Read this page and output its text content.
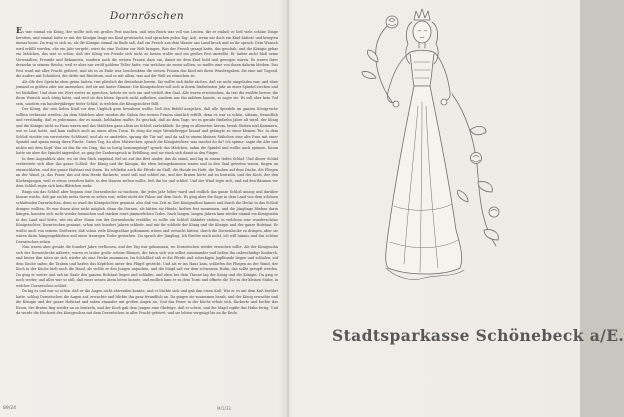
Dornröschen

Es war einmal ein König, der wollte sich ein großes Fest machen, und sein Reich war voll von Leuten, die er einlud; er ließ viele schöne Dinge bereiten, und einmal hatte er mit der Königin lange ein Kind gewünscht, und sprachen jeden Tag: Ach, wenn wir doch ein Kind hätten! und kriegten immer keins. Da trug es sich zu, als die Königin einmal im Bade saß, daß ein Frosch aus dem Wasser ans Land kroch und zu ihr sprach: Dein Wunsch wird erfüllt werden, ehe ein Jahr vergeht, wirst du eine Tochter zur Welt bringen. Was der Frosch gesagt hatte, das geschah, und die Königin gebar ein Mädchen, das war so schön, daß der König vor Freude sich nicht zu lassen wußte und ein großes Fest anstellte. Er ladete nicht bloß seine Verwandten, Freunde und Bekannten, sondern auch die weisen Frauen dazu ein, damit sie dem Kind hold und gewogen wären. Es waren ihrer dreizehn in seinem Reiche, weil er aber nur zwölf goldene Teller hatte, von welchen sie essen sollten, so mußte eine von ihnen daheim bleiben. Das Fest ward mit aller Pracht gefeiert, und als es zu Ende war, beschenkten die weisen Frauen das Kind mit ihren Wundergaben: die eine mit Tugend, die andere mit Schönheit, die dritte mit Reichtum, und so mit allem, was auf der Welt zu wünschen ist.

Als elfe ihre Sprüche eben getan hatten, trat plötzlich die dreizehnte herein. Sie wollte sich dafür rächen, daß sie nicht eingeladen war, und ohne jemand zu grüßen oder nur anzusehen, rief sie mit lauter Stimme: Die Königstochter soll sich in ihrem fünfzehnten Jahr an einer Spindel stechen und tot hinfallen! Und ohne ein Wort weiter zu sprechen, kehrte sie sich um und verließ den Saal. Alle waren erschrocken, da trat die zwölfte hervor, die ihren Wunsch noch übrig hatte, und weil sie den bösen Spruch nicht aufheben, sondern nur ihn mildern konnte, so sagte sie: Es soll aber kein Tod sein, sondern ein hundertjähriger tiefer Schlaf, in welchen die Königstochter fällt.

Der König, der sein liebes Kind vor dem Unglück gern bewahren wollte, ließ den Befehl ausgehen, daß alle Spindeln im ganzen Königreiche sollten verbrannt werden. An dem Mädchen aber wurden die Gaben der weisen Frauen sämtlich erfüllt, denn es war so schön, sittsam, freundlich und verständig, daß es jedermann, der es ansah, liebhaben mußte. Es geschah, daß an dem Tage, wo es gerade fünfzehn Jahre alt ward, der König und die Königin nicht zu Haus waren und das Mädchen ganz allein im Schloß zurückblieb. Da ging es allerorten herum, besah Stuben und Kammern, wie es Lust hatte, und kam endlich auch an einen alten Turm. Es stieg die enge Wendeltreppe hinauf und gelangte zu einer kleinen Tür. In dem Schloß steckte ein verrosteter Schlüssel, und als es umdrehte, sprang die Tür auf, und da saß in einem kleinen Stübchen eine alte Frau mit einer Spindel und spann emsig ihren Flachs. Guten Tag, du altes Mütterchen, sprach die Königstochter, was machst du da? Ich spinne, sagte die Alte und nickte mit dem Kopf. Was ist das für ein Ding, das so lustig herumspringt? sprach das Mädchen, nahm die Spindel und wollte auch spinnen. Kaum hatte sie aber die Spindel angerührt, so ging der Zauberspruch in Erfüllung, und sie stach sich damit in den Finger.

In dem Augenblick aber, wo sie den Stich empfand, fiel sie auf das Bett nieder, das da stand, und lag in einem tiefen Schlaf. Und dieser Schlaf verbreitete sich über das ganze Schloß: der König und die Königin, die eben heimgekommen waren und in den Saal getreten waren, fingen an einzuschlafen, und der ganze Hofstaat mit ihnen. Da schliefen auch die Pferde im Stall, die Hunde im Hofe, die Tauben auf dem Dache, die Fliegen an der Wand, ja, das Feuer, das auf dem Herde flackerte, ward still und schlief ein, und der Braten hörte auf zu brutzeln, und der Koch, der den Küchenjungen, weil er etwas versehen hatte, in den Haaren ziehen wollte, ließ ihn los und schlief. Und der Wind legte sich, und auf den Bäumen vor dem Schloß regte sich kein Blättchen mehr.

Rings um das Schloß aber begann eine Dornenhecke zu wachsen, die jedes Jahr höher ward und endlich das ganze Schloß umzog und darüber hinaus wuchs, daß gar nichts mehr davon zu sehen war, selbst nicht die Fahne auf dem Dach. Es ging aber die Sage in dem Land von dem schönen schlafenden Dornröschen, denn so ward die Königstochter genannt, also daß von Zeit zu Zeit Königssöhne kamen und durch die Hecke in das Schloß dringen wollten. Es war ihnen aber nicht möglich, denn die Dornen, als hätten sie Hände, hielten fest zusammen, und die Jünglinge blieben darin hängen, konnten sich nicht wieder losmachen und starben eines jämmerlichen Todes. Nach langen, langen Jahren kam wieder einmal ein Königssohn in das Land und hörte, wie ein alter Mann von der Dornenhecke erzählte, es sollte ein Schloß dahinter stehen, in welchem eine wunderschöne Königstochter, Dornröschen genannt, schon seit hundert Jahren schliefe, und mit ihr schliefe der König und die Königin und der ganze Hofstaat. Er wußte auch von seinem Großvater, daß schon viele Königssöhne gekommen wären und versucht hätten, durch die Dornenhecke zu dringen, aber sie wären darin hängengeblieben und eines traurigen Todes gestorben. Da sprach der Jüngling: Ich fürchte mich nicht, ich will hinaus und das schöne Dornröschen sehen.

Nun waren aber gerade die hundert Jahre verflossen, und der Tag war gekommen, wo Dornröschen wieder erwachen sollte. Als der Königssohn sich der Dornenhecke näherte, waren es lauter große schöne Blumen, die taten sich von selbst auseinander und ließen ihn unbeschädigt hindurch, und hinter ihm taten sie sich wieder als eine Hecke zusammen. Im Schloßhof sah er die Pferde und scheckigen Jagdhunde liegen und schlafen, auf dem Dache saßen die Tauben und hatten das Köpfchen unter den Flügel gesteckt. Und als er ins Haus kam, schliefen die Fliegen an der Wand, der Koch in der Küche hielt noch die Hand, als wollte er den Jungen anpacken, und die Magd saß vor dem schwarzen Huhn, das sollte gerupft werden. Da ging er weiter und sah im Saale den ganzen Hofstaat liegen und schlafen, und oben bei dem Throne lag der König und die Königin. Da ging er noch weiter, und alles war so still, daß einer seinen Atem hören konnte, und endlich kam er zu dem Turm und öffnete die Tür zu der kleinen Stube, in welcher Dornröschen schlief.

Da lag es und war so schön, daß er die Augen nicht abwenden konnte, und er bückte sich und gab ihm einen Kuß. Wie er es mit dem Kuß berührt hatte, schlug Dornröschen die Augen auf, erwachte und blickte ihn ganz freundlich an. Da gingen sie zusammen herab, und der König erwachte und die Königin und der ganze Hofstaat und sahen einander mit großen Augen an. Und das Feuer in der Küche erhob sich, flackerte und kochte das Essen, der Braten fing wieder an zu brutzeln, und der Koch gab dem Jungen eine Ohrfeige, daß er schrie, und die Magd rupfte das Huhn fertig. Und da wurde die Hochzeit des Königssohns mit dem Dornröschen in aller Pracht gefeiert, und sie lebten vergnügt bis an ihr Ende.

89/24	M/1/33
Stadtsparkasse Schönebeck a/E.
